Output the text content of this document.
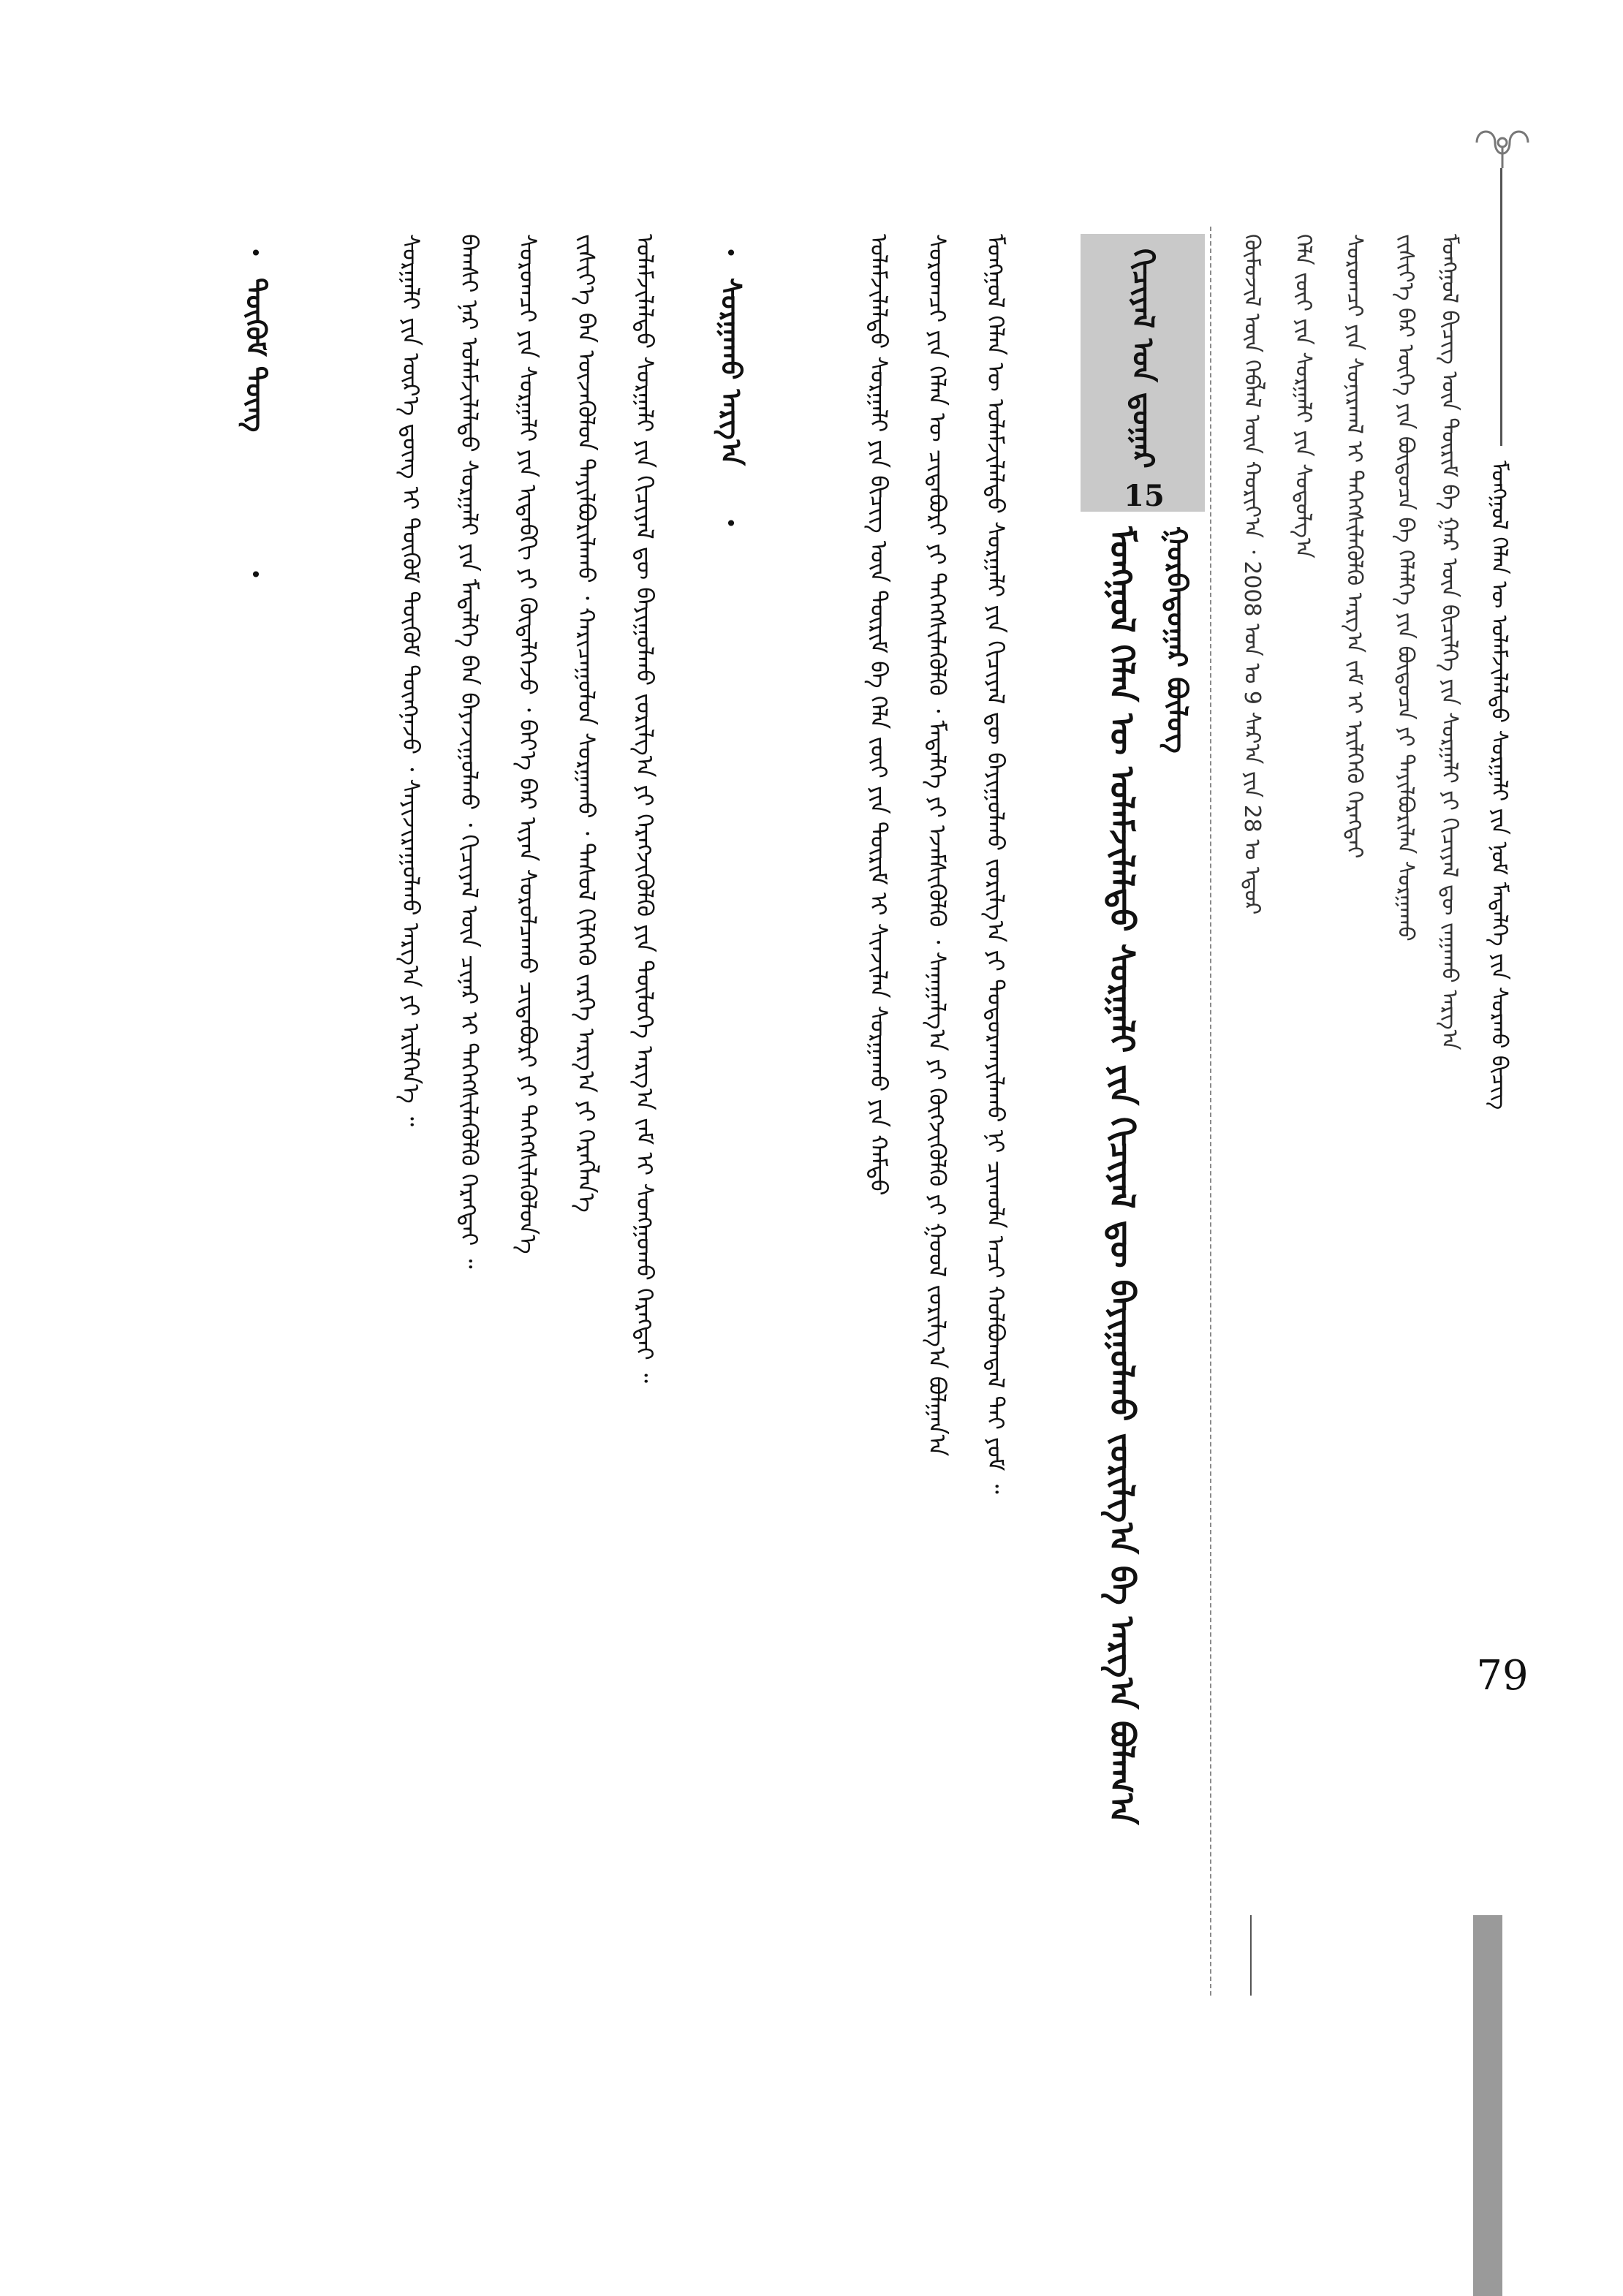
ᠮᠣᠩᠭᠣᠯ ᠬᠡᠯᠡᠨ ᠦ ᠤᠯᠠᠮᠵᠢᠯᠠᠯᠲᠤ ᠰᠤᠷᠭᠠᠯᠢ ᠶᠢᠨ ᠨᠣᠮ ᠮᠡᠳᠡᠯᠭᠡ ᠶᠢᠨ ᠰᠤᠷᠬᠤ ᠪᠢᠴᠢᠭ
79
ᠮᠣᠩᠭᠣᠯ ᠪᠢᠴᠢᠭ ᠦᠨ ᠳᠦᠷᠢᠮ ᠪᠠ ᠭᠠᠷ ᠦᠨ ᠪᠢᠴᠢᠯᠭᠡ ᠶᠢᠨ ᠰᠤᠷᠭᠠᠯᠢ ᠶᠢ ᠬᠢᠴᠢᠶᠡᠯ ᠳᠦ ᠵᠠᠭᠠᠬᠤ ᠠᠷᠭ᠎ᠠ
ᠵᠢᠱᠢᠶ᠎ᠡ ᠪᠡᠷ ᠦᠭᠡ ᠶᠢᠨ ᠪᠦᠲᠦᠴᠡ ᠪᠠ ᠬᠡᠯᠡᠯᠭᠡ ᠶᠢᠨ ᠪᠦᠲᠦᠴᠡ ᠶᠢ ᠲᠠᠶᠢᠯᠪᠤᠷᠢᠯᠠᠨ ᠰᠤᠷᠭᠠᠬᠤ
ᠰᠤᠷᠤᠭᠴᠢ ᠶᠢᠨ ᠰᠣᠨᠢᠷᠬᠠᠯ ᠢ ᠳᠡᠭᠡᠭᠰᠢᠯᠡᠭᠦᠯᠬᠦ ᠠᠷᠭ᠎ᠠ ᠵᠠᠮ ᠢ ᠡᠷᠢᠯᠬᠡᠬᠦ ᠬᠡᠷᠡᠭᠲᠡᠢ
ᠬᠡᠯᠡ ᠵᠦᠢ ᠶᠢᠨ ᠰᠤᠷᠭᠠᠯᠢ ᠶᠢᠨ ᠰᠤᠳᠤᠯᠭ᠎ᠠ
ᠬᠦᠮᠦᠵᠢᠯ ᠦᠨ ᠬᠡᠪᠯᠡᠯ ᠦᠨ ᠬᠣᠷᠢᠶ᠎ᠠ ᠂ 2008 ᠣᠨ ᠤ 9 ᠰᠠᠷ᠎ᠠ ᠶᠢᠨ 28 ᠤ ᠡᠳᠦᠷ
ᠬᠢᠴᠢᠶᠡᠯ ᠤᠨ ᠳ᠋ᠤᠭᠠᠷ
15
ᠭᠤᠷᠪᠠᠳᠤᠭᠠᠷ ᠪᠦᠯᠦᠭ
ᠮᠣᠩᠭᠣᠯ ᠬᠡᠯᠡᠨ ᠦ ᠤᠯᠠᠮᠵᠢᠯᠠᠯᠲᠤ ᠰᠤᠷᠭᠠᠯᠢ ᠶᠢᠨ ᠬᠢᠴᠢᠶᠡᠯ ᠳᠦ ᠪᠠᠶᠢᠭᠤᠯᠬᠤ ᠵᠣᠷᠢᠯᠭ᠎ᠠ ᠪᠠ ᠠᠷᠭ᠎ᠠ ᠪᠣᠯᠠᠭ᠎ᠠ
ᠮᠣᠩᠭᠣᠯ ᠬᠡᠯᠡᠨ ᠦ ᠤᠯᠠᠮᠵᠢᠯᠠᠯᠲᠤ ᠰᠤᠷᠭᠠᠯᠢ ᠶᠢᠨ ᠬᠢᠴᠢᠶᠡᠯ ᠳᠦ ᠪᠠᠶᠢᠭᠤᠯᠬᠤ ᠵᠣᠷᠢᠯᠭ᠎ᠠ ᠶᠢ ᠲᠣᠳᠣᠷᠬᠠᠶᠢᠯᠠᠬᠤ ᠨᠢ ᠴᠢᠬᠤᠯᠠ ᠠᠴᠢ ᠬᠣᠯᠪᠣᠭᠳᠠᠯ ᠲᠠᠶ ᠶᠤᠮ ᠃
ᠰᠤᠷᠤᠭᠴᠢ ᠶᠢᠨ ᠬᠡᠯᠡᠨ ᠦ ᠴᠢᠳᠠᠪᠤᠷᠢ ᠶᠢ ᠳᠡᠭᠡᠭᠰᠢᠯᠡᠭᠦᠯᠬᠦ ᠂ ᠮᠡᠳᠡᠯᠭᠡ ᠶᠢ ᠡᠵᠡᠮᠰᠢᠭᠦᠯᠬᠦ ᠂ ᠰᠠᠨᠠᠭᠠᠯᠭ᠎ᠠ ᠶᠢ ᠬᠥᠭᠵᠢᠭᠦᠯᠬᠦ ᠶᠢ ᠭᠤᠤᠯ ᠵᠣᠷᠢᠯᠭ᠎ᠠ ᠪᠣᠯᠭᠠᠨ᠎ᠠ
ᠤᠯᠠᠮᠵᠢᠯᠠᠯᠲᠤ ᠰᠤᠷᠭᠠᠯᠢ ᠶᠢᠨ ᠪᠢᠴᠢᠭ ᠦᠨ ᠳᠦᠷᠢᠮ ᠪᠠ ᠬᠡᠯᠡ ᠵᠦᠢ ᠶᠢᠨ ᠳᠦᠷᠢᠮ ᠢ ᠰᠢᠨᠵᠢᠯᠡᠨ ᠰᠤᠷᠭᠠᠬᠤ ᠶᠢᠨ ᠬᠠᠮᠲᠤ
•
ᠰᠤᠷᠭᠠᠬᠤ ᠠᠷᠭ᠎ᠠ
•
ᠤᠯᠠᠮᠵᠢᠯᠠᠯᠲᠤ ᠰᠤᠷᠭᠠᠯᠢ ᠶᠢᠨ ᠬᠢᠴᠢᠶᠡᠯ ᠳᠦ ᠪᠠᠶᠢᠭᠤᠯᠬᠤ ᠵᠣᠷᠢᠯᠭ᠎ᠠ ᠶᠢ ᠬᠡᠷᠡᠭᠵᠢᠭᠦᠯᠬᠦ ᠶᠢᠨ ᠲᠥᠯᠥᠭᠡ ᠠᠷᠭ᠎ᠠ ᠵᠠᠮ ᠢ ᠰᠣᠩᠭᠣᠬᠤ ᠬᠡᠷᠡᠭᠲᠡᠢ ᠃
ᠵᠢᠱᠢᠶ᠎ᠡ ᠪᠡᠨ ᠦᠵᠡᠭᠦᠯᠦᠨ ᠲᠠᠶᠢᠯᠪᠤᠷᠢᠯᠠᠬᠤ ᠂ ᠬᠠᠷᠢᠴᠠᠭᠤᠯᠤᠨ ᠰᠤᠷᠭᠠᠬᠤ ᠂ ᠳᠠᠰᠤᠯ ᠬᠢᠯᠭᠡᠬᠦ ᠵᠡᠷᠭᠡ ᠠᠷᠭ᠎ᠠ ᠶᠢ ᠬᠡᠷᠡᠭᠯᠡᠨ᠎ᠡ
ᠰᠤᠷᠤᠭᠴᠢ ᠶᠢᠨ ᠰᠤᠷᠭᠠᠯᠢ ᠶᠢᠨ ᠢᠳᠡᠪᠬᠢ ᠶᠢ ᠬᠥᠳᠡᠯᠭᠡᠵᠦ ᠂ ᠪᠡᠶ᠎ᠡ ᠪᠡᠷ ᠢᠶᠡᠨ ᠰᠤᠷᠤᠯᠴᠠᠬᠤ ᠴᠢᠳᠠᠪᠤᠷᠢ ᠶᠢ ᠳᠡᠭᠡᠭᠰᠢᠯᠡᠭᠦᠯᠦᠨ᠎ᠡ
ᠪᠠᠭᠰᠢ ᠨᠠᠷ ᠤᠯᠠᠮᠵᠢᠯᠠᠯᠲᠤ ᠰᠤᠷᠭᠠᠯᠢ ᠶᠢᠨ ᠮᠡᠳᠡᠯᠭᠡ ᠪᠡᠨ ᠪᠠᠶᠠᠵᠢᠭᠤᠯᠬᠤ ᠂ ᠬᠢᠴᠢᠶᠡᠯ ᠦᠨ ᠴᠢᠨᠠᠷ ᠢ ᠳᠡᠭᠡᠭᠰᠢᠯᠡᠭᠦᠯᠬᠦ ᠬᠡᠷᠡᠭᠲᠡᠢ ᠃
ᠰᠤᠷᠭᠠᠯᠢ ᠶᠢᠨ ᠦᠷ᠎ᠡ ᠳ᠋ᠦᠩ ᠢ ᠳᠦᠭᠦᠮ ᠳᠦᠭᠦᠮ ᠳᠦᠩᠨᠡᠵᠦ ᠂ ᠰᠠᠶᠢᠵᠢᠷᠠᠭᠤᠯᠬᠤ ᠠᠷᠭ᠎ᠠ ᠶᠢ ᠡᠷᠢᠯᠬᠡᠨ᠎ᠡ ᠃
•
ᠳᠦᠭᠦᠮ ᠳᠦᠩ
•
